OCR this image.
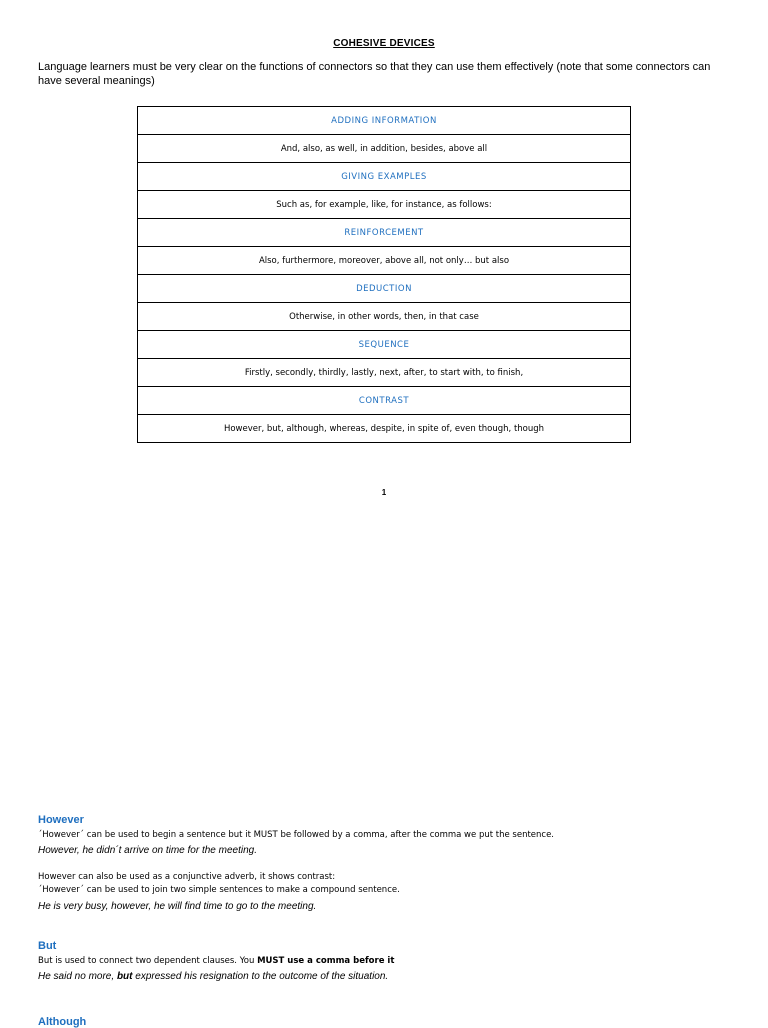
COHESIVE DEVICES
Language learners must be very clear on the functions of connectors so that they can use them effectively (note that some connectors can have several meanings)
ADDING INFORMATION
And, also, as well, in addition, besides, above all
GIVING EXAMPLES
Such as, for example, like, for instance, as follows:
REINFORCEMENT
Also, furthermore, moreover, above all, not only… but also
DEDUCTION
Otherwise, in other words, then, in that case
SEQUENCE
Firstly, secondly, thirdly, lastly, next, after, to start with, to finish,
CONTRAST
However, but, although, whereas, despite, in spite of, even though, though
1
However
´However´ can be used to begin a sentence but it MUST be followed by a comma, after the comma we put the sentence.
However, he didn´t arrive on time for the meeting.
However can also be used as a conjunctive adverb, it shows contrast:
´However´ can be used to join two simple sentences to make a compound sentence.
He is very busy, however, he will find time to go to the meeting.
But
But is used to connect two dependent clauses. You MUST use a comma before it
He said no more, but expressed his resignation to the outcome of the situation.
Although
